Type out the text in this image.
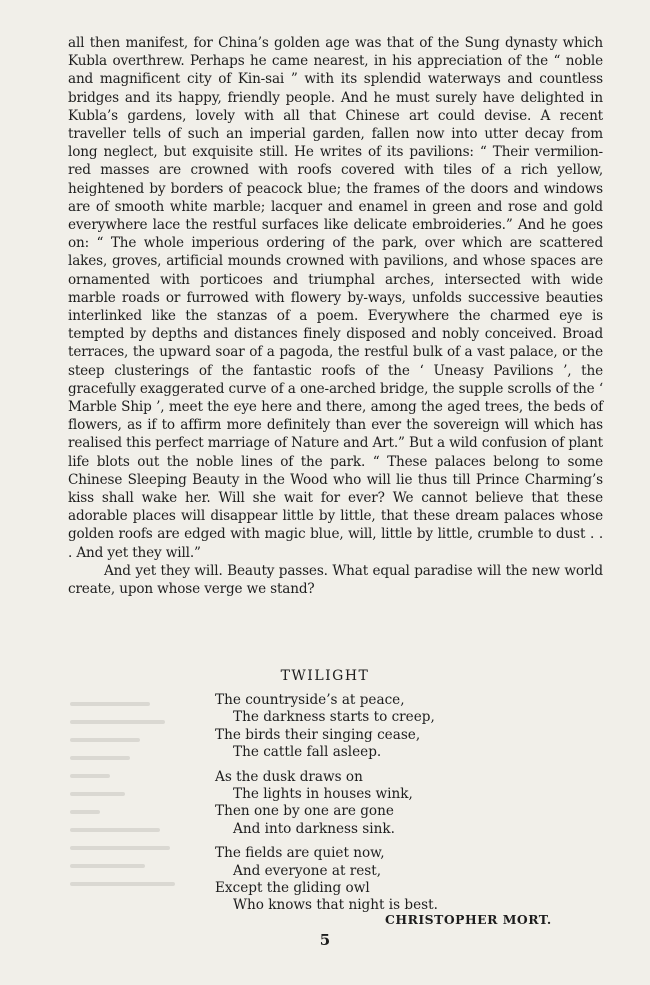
all then manifest, for China’s golden age was that of the Sung dynasty which Kubla overthrew. Perhaps he came nearest, in his appreciation of the “ noble and magnificent city of Kin-sai ” with its splendid waterways and countless bridges and its happy, friendly people. And he must surely have delighted in Kubla’s gardens, lovely with all that Chinese art could devise. A recent traveller tells of such an imperial garden, fallen now into utter decay from long neglect, but exquisite still. He writes of its pavilions: “ Their vermilion-red masses are crowned with roofs covered with tiles of a rich yellow, heightened by borders of peacock blue; the frames of the doors and windows are of smooth white marble; lacquer and enamel in green and rose and gold everywhere lace the restful surfaces like delicate embroideries.” And he goes on: “ The whole imperious ordering of the park, over which are scattered lakes, groves, artificial mounds crowned with pavilions, and whose spaces are ornamented with porticoes and triumphal arches, intersected with wide marble roads or furrowed with flowery by-ways, unfolds successive beauties interlinked like the stanzas of a poem. Everywhere the charmed eye is tempted by depths and distances finely disposed and nobly conceived. Broad terraces, the upward soar of a pagoda, the restful bulk of a vast palace, or the steep clusterings of the fantastic roofs of the ‘ Uneasy Pavilions ’, the gracefully exaggerated curve of a one-arched bridge, the supple scrolls of the ‘ Marble Ship ’, meet the eye here and there, among the aged trees, the beds of flowers, as if to affirm more definitely than ever the sovereign will which has realised this perfect marriage of Nature and Art.” But a wild confusion of plant life blots out the noble lines of the park. “ These palaces belong to some Chinese Sleeping Beauty in the Wood who will lie thus till Prince Charming’s kiss shall wake her. Will she wait for ever? We cannot believe that these adorable places will disappear little by little, that these dream palaces whose golden roofs are edged with magic blue, will, little by little, crumble to dust . . . And yet they will.”

And yet they will. Beauty passes. What equal paradise will the new world create, upon whose verge we stand?

TWILIGHT
The countryside’s at peace,
The darkness starts to creep,
The birds their singing cease,
The cattle fall asleep.
As the dusk draws on
The lights in houses wink,
Then one by one are gone
And into darkness sink.
The fields are quiet now,
And everyone at rest,
Except the gliding owl
Who knows that night is best.
CHRISTOPHER MORT.
5
